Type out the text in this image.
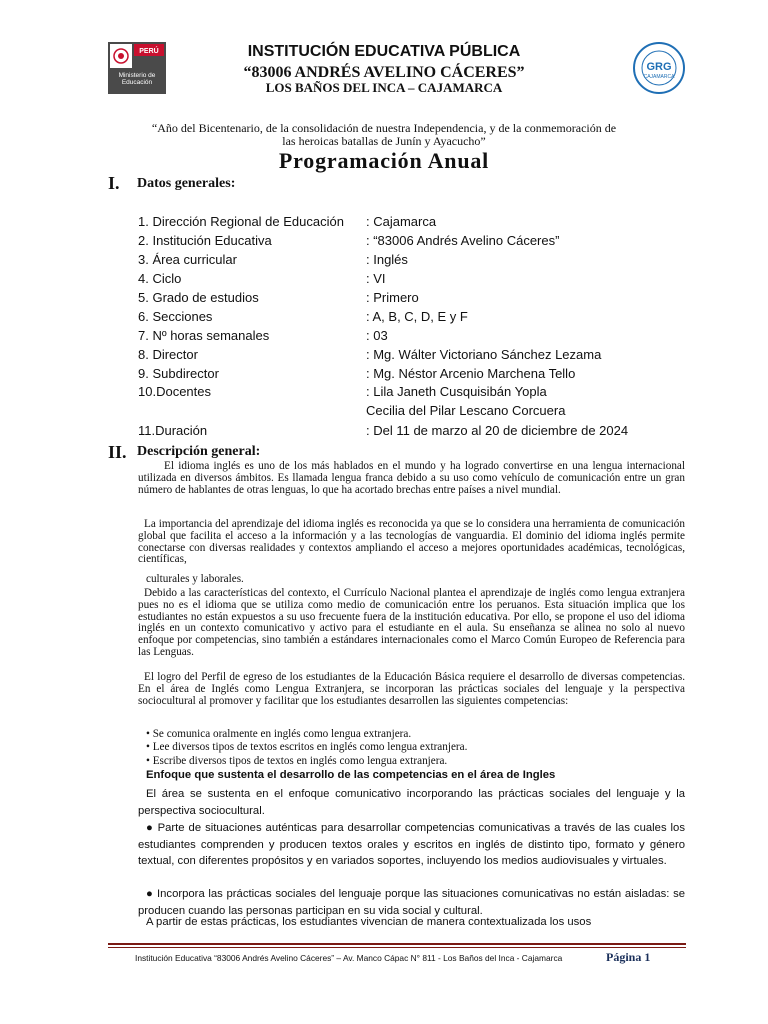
PERÚ
Ministerio de Educación
GRG
CAJAMARCA
INSTITUCIÓN EDUCATIVA PÚBLICA
“83006 ANDRÉS AVELINO CÁCERES”
LOS BAÑOS DEL INCA – CAJAMARCA
“Año del Bicentenario, de la consolidación de nuestra Independencia, y de la conmemoración de las heroicas batallas de Junín y Ayacucho”
Programación Anual
I. Datos generales:
1. Dirección Regional de Educación : Cajamarca
2. Institución Educativa	: “83006 Andrés Avelino Cáceres”
3. Área curricular	: Inglés
4. Ciclo	: VI
5. Grado de estudios	: Primero
6. Secciones	: A, B, C, D, E y F
7. Nº horas semanales	: 03
8. Director	: Mg. Wálter Victoriano Sánchez Lezama
9. Subdirector	: Mg. Néstor Arcenio Marchena Tello
10.Docentes	: Lila Janeth Cusquisibán Yopla
Cecilia del Pilar Lescano Corcuera
11.Duración	: Del 11 de marzo al 20 de diciembre de 2024
II. Descripción general:
El idioma inglés es uno de los más hablados en el mundo y ha logrado convertirse en una lengua internacional utilizada en diversos ámbitos. Es llamada lengua franca debido a su uso como vehículo de comunicación entre un gran número de hablantes de otras lenguas, lo que ha acortado brechas entre países a nivel mundial.
La importancia del aprendizaje del idioma inglés es reconocida ya que se lo considera una herramienta de comunicación global que facilita el acceso a la información y a las tecnologías de vanguardia. El dominio del idioma inglés permite conectarse con diversas realidades y contextos ampliando el acceso a mejores oportunidades académicas, tecnológicas, científicas,
culturales y laborales.
Debido a las características del contexto, el Currículo Nacional plantea el aprendizaje de inglés como lengua extranjera pues no es el idioma que se utiliza como medio de comunicación entre los peruanos. Esta situación implica que los estudiantes no están expuestos a su uso frecuente fuera de la institución educativa. Por ello, se propone el uso del idioma inglés en un contexto comunicativo y activo para el estudiante en el aula. Su enseñanza se alinea no solo al nuevo enfoque por competencias, sino también a estándares internacionales como el Marco Común Europeo de Referencia para las Lenguas.
El logro del Perfil de egreso de los estudiantes de la Educación Básica requiere el desarrollo de diversas competencias. En el área de Inglés como Lengua Extranjera, se incorporan las prácticas sociales del lenguaje y la perspectiva sociocultural al promover y facilitar que los estudiantes desarrollen las siguientes competencias:
• Se comunica oralmente en inglés como lengua extranjera.
• Lee diversos tipos de textos escritos en inglés como lengua extranjera.
• Escribe diversos tipos de textos en inglés como lengua extranjera.
Enfoque que sustenta el desarrollo de las competencias en el área de Ingles
El área se sustenta en el enfoque comunicativo incorporando las prácticas sociales del lenguaje y la perspectiva sociocultural.
● Parte de situaciones auténticas para desarrollar competencias comunicativas a través de las cuales los estudiantes comprenden y producen textos orales y escritos en inglés de distinto tipo, formato y género textual, con diferentes propósitos y en variados soportes, incluyendo los medios audiovisuales y virtuales.
● Incorpora las prácticas sociales del lenguaje porque las situaciones comunicativas no están aisladas: se producen cuando las personas participan en su vida social y cultural.
A partir de estas prácticas, los estudiantes vivencian de manera contextualizada los usos
Institución Educativa “83006 Andrés Avelino Cáceres” – Av. Manco Cápac N° 811 - Los Baños del Inca - Cajamarca	Página 1
